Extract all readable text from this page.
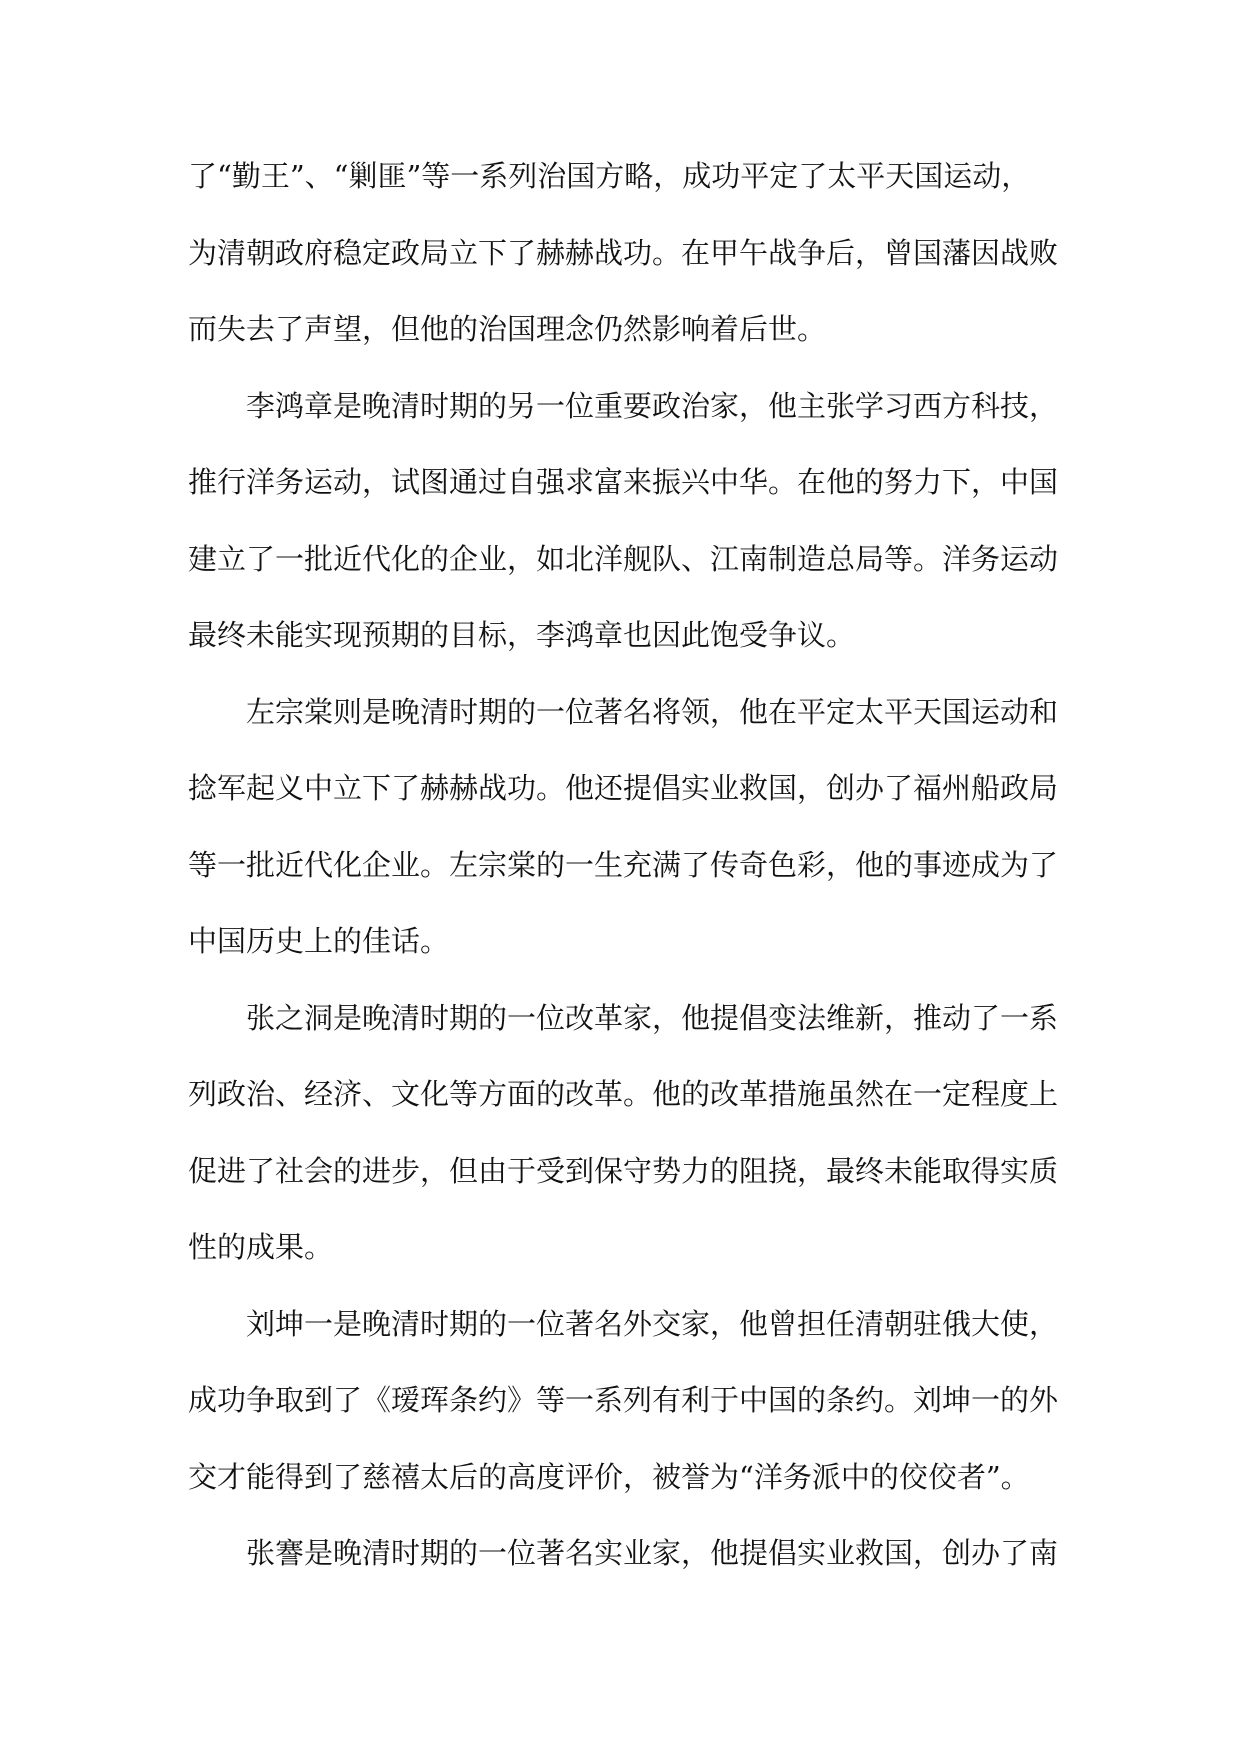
了“勤王”、“剿匪”等一系列治国方略，成功平定了太平天国运动，
为清朝政府稳定政局立下了赫赫战功。在甲午战争后，曾国藩因战败
而失去了声望，但他的治国理念仍然影响着后世。

李鸿章是晚清时期的另一位重要政治家，他主张学习西方科技，
推行洋务运动，试图通过自强求富来振兴中华。在他的努力下，中国
建立了一批近代化的企业，如北洋舰队、江南制造总局等。洋务运动
最终未能实现预期的目标，李鸿章也因此饱受争议。

左宗棠则是晚清时期的一位著名将领，他在平定太平天国运动和
捻军起义中立下了赫赫战功。他还提倡实业救国，创办了福州船政局
等一批近代化企业。左宗棠的一生充满了传奇色彩，他的事迹成为了
中国历史上的佳话。

张之洞是晚清时期的一位改革家，他提倡变法维新，推动了一系
列政治、经济、文化等方面的改革。他的改革措施虽然在一定程度上
促进了社会的进步，但由于受到保守势力的阻挠，最终未能取得实质
性的成果。

刘坤一是晚清时期的一位著名外交家，他曾担任清朝驻俄大使，
成功争取到了《瑷珲条约》等一系列有利于中国的条约。刘坤一的外
交才能得到了慈禧太后的高度评价，被誉为“洋务派中的佼佼者”。

张謇是晚清时期的一位著名实业家，他提倡实业救国，创办了南
